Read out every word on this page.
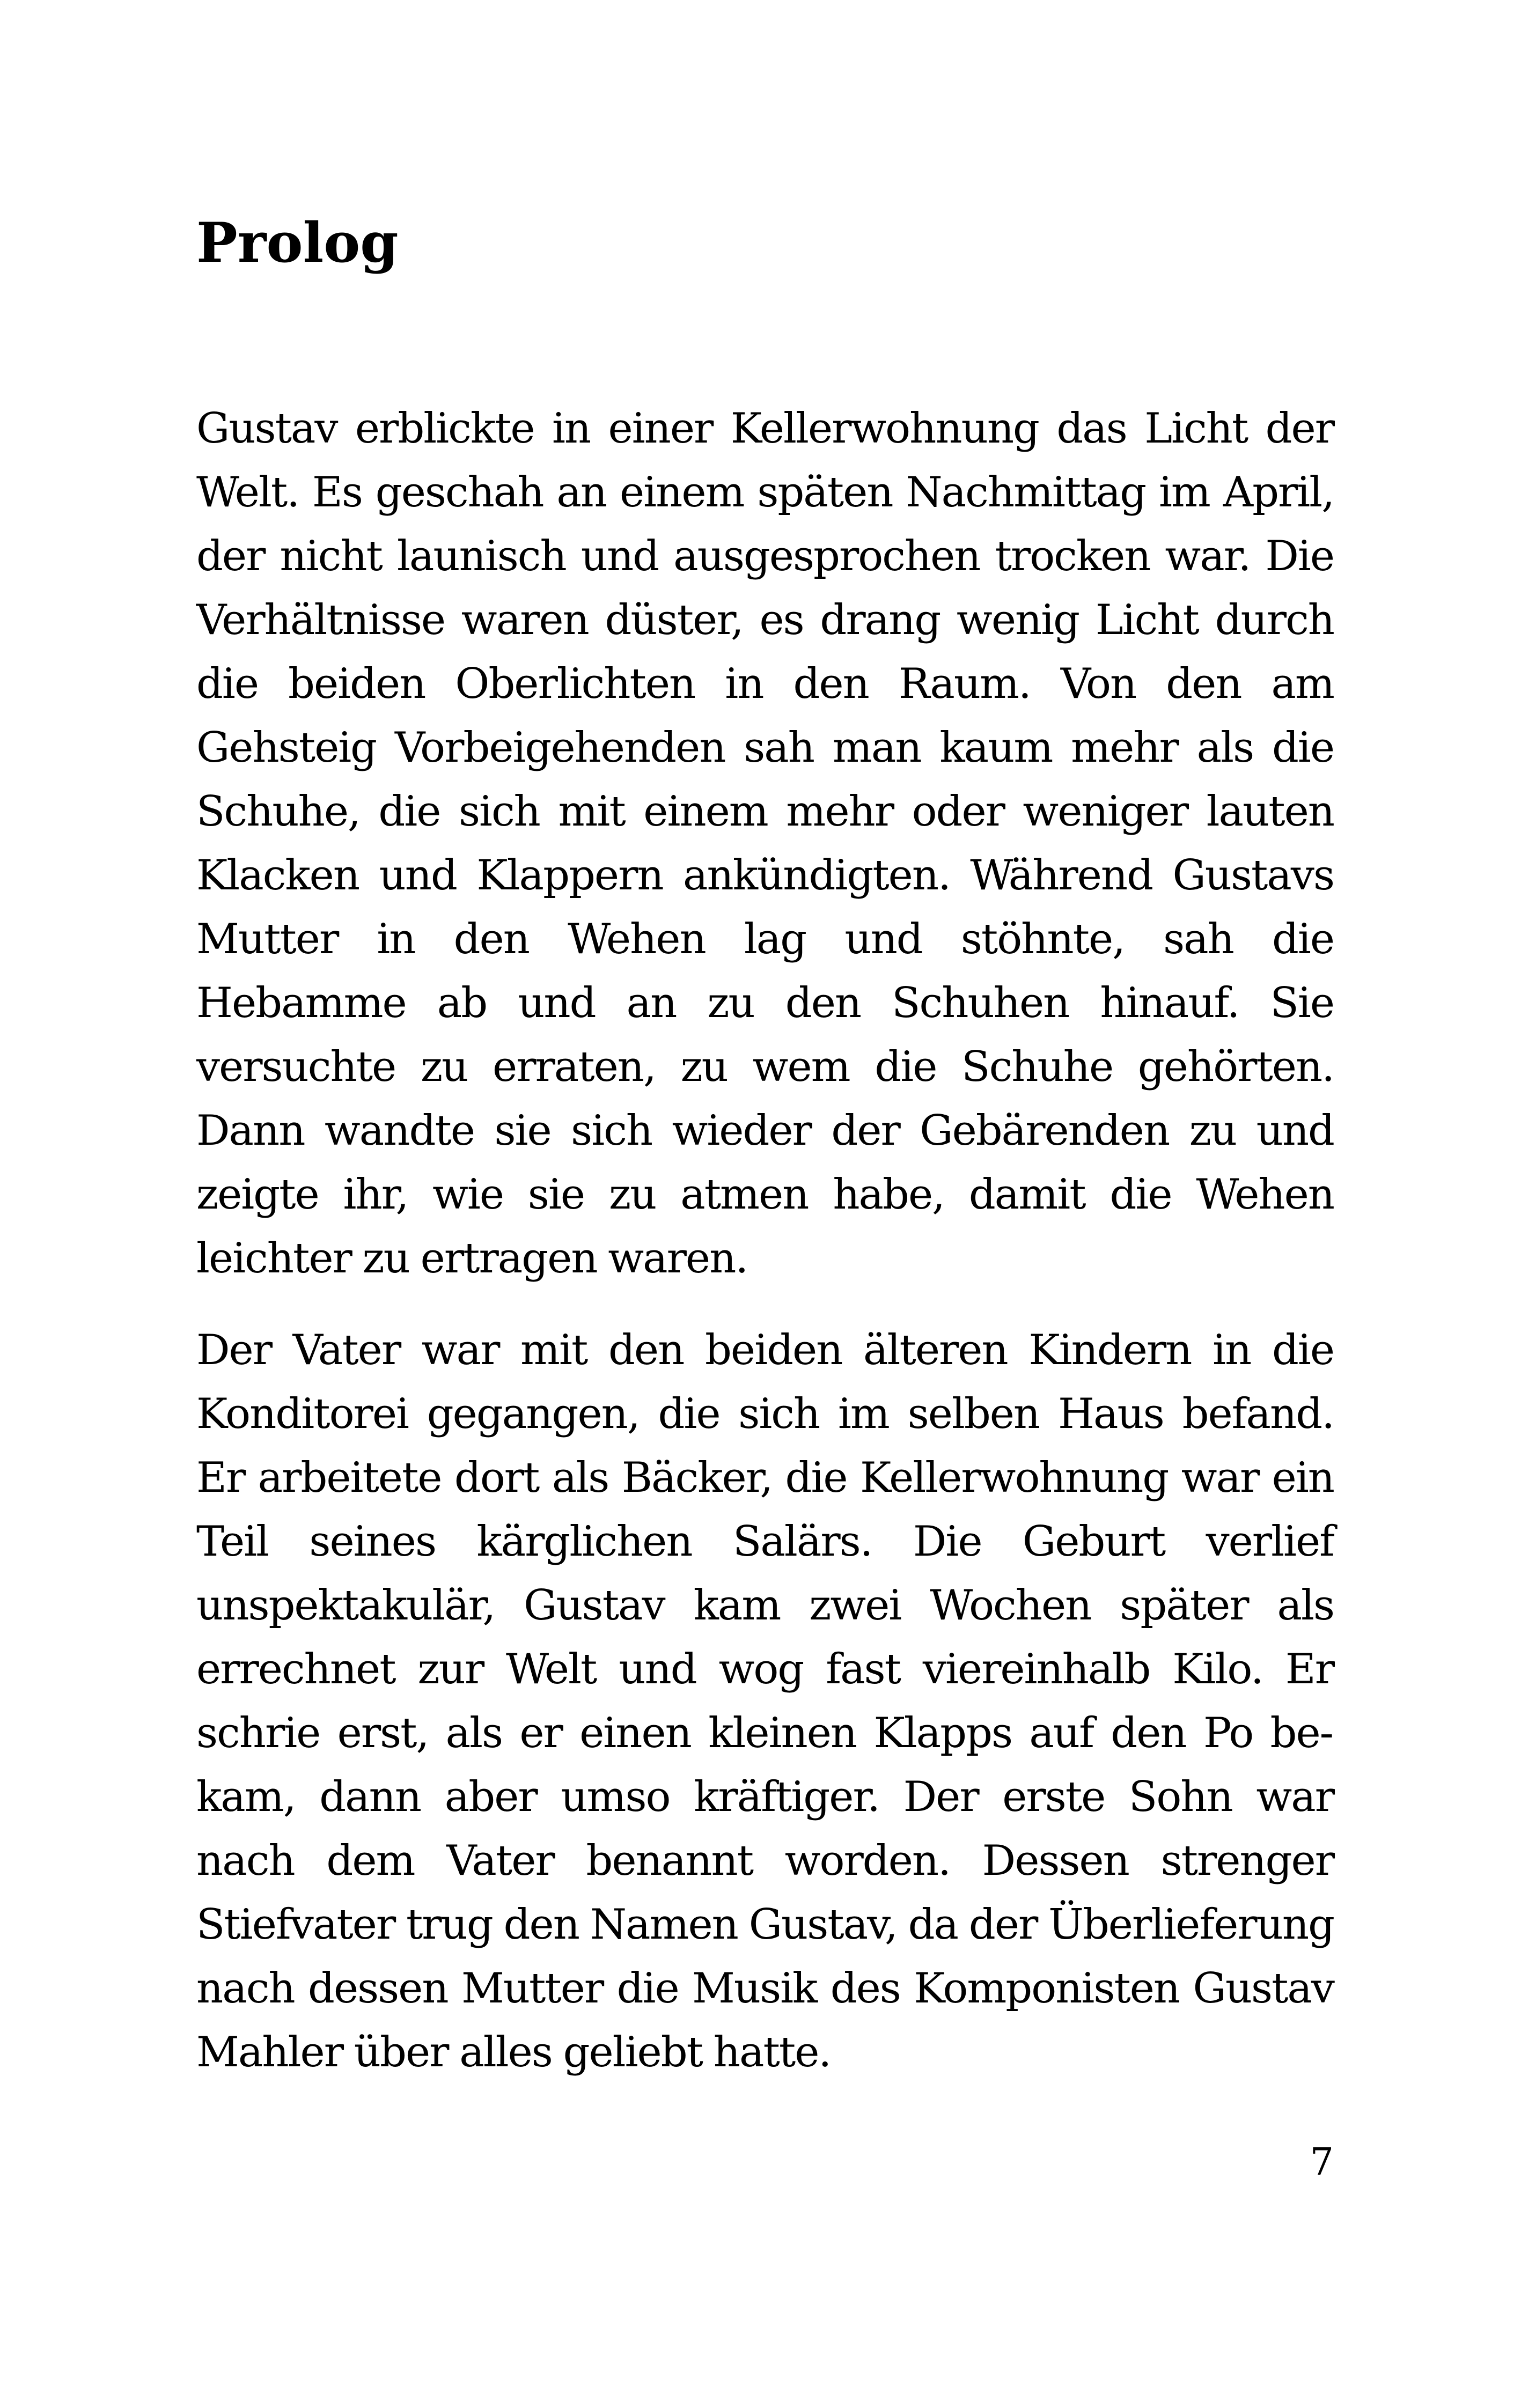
Prolog

Gustav erblickte in einer Kellerwohnung das Licht der Welt. Es geschah an einem späten Nachmittag im April, der nicht launisch und ausgesprochen trocken war. Die Verhältnisse waren düster, es drang wenig Licht durch die beiden Oberlichten in den Raum. Von den am Gehsteig Vorbeigehenden sah man kaum mehr als die Schuhe, die sich mit einem mehr oder weniger lauten Klacken und Klappern ankündigten. Während Gustavs Mutter in den Wehen lag und stöhnte, sah die Hebamme ab und an zu den Schuhen hinauf. Sie versuchte zu erraten, zu wem die Schuhe gehörten. Dann wandte sie sich wieder der Gebärenden zu und zeigte ihr, wie sie zu atmen habe, damit die Wehen leichter zu ertragen waren.

Der Vater war mit den beiden älteren Kindern in die Konditorei gegangen, die sich im selben Haus befand. Er arbeitete dort als Bäcker, die Kellerwohnung war ein Teil seines kärglichen Salärs. Die Geburt verlief unspektakulär, Gustav kam zwei Wochen später als errechnet zur Welt und wog fast viereinhalb Kilo. Er schrie erst, als er einen kleinen Klapps auf den Po bekam, dann aber umso kräftiger. Der erste Sohn war nach dem Vater benannt worden. Dessen strenger Stiefvater trug den Namen Gustav, da der Überlieferung nach dessen Mutter die Musik des Komponisten Gustav Mahler über alles geliebt hatte.

7
